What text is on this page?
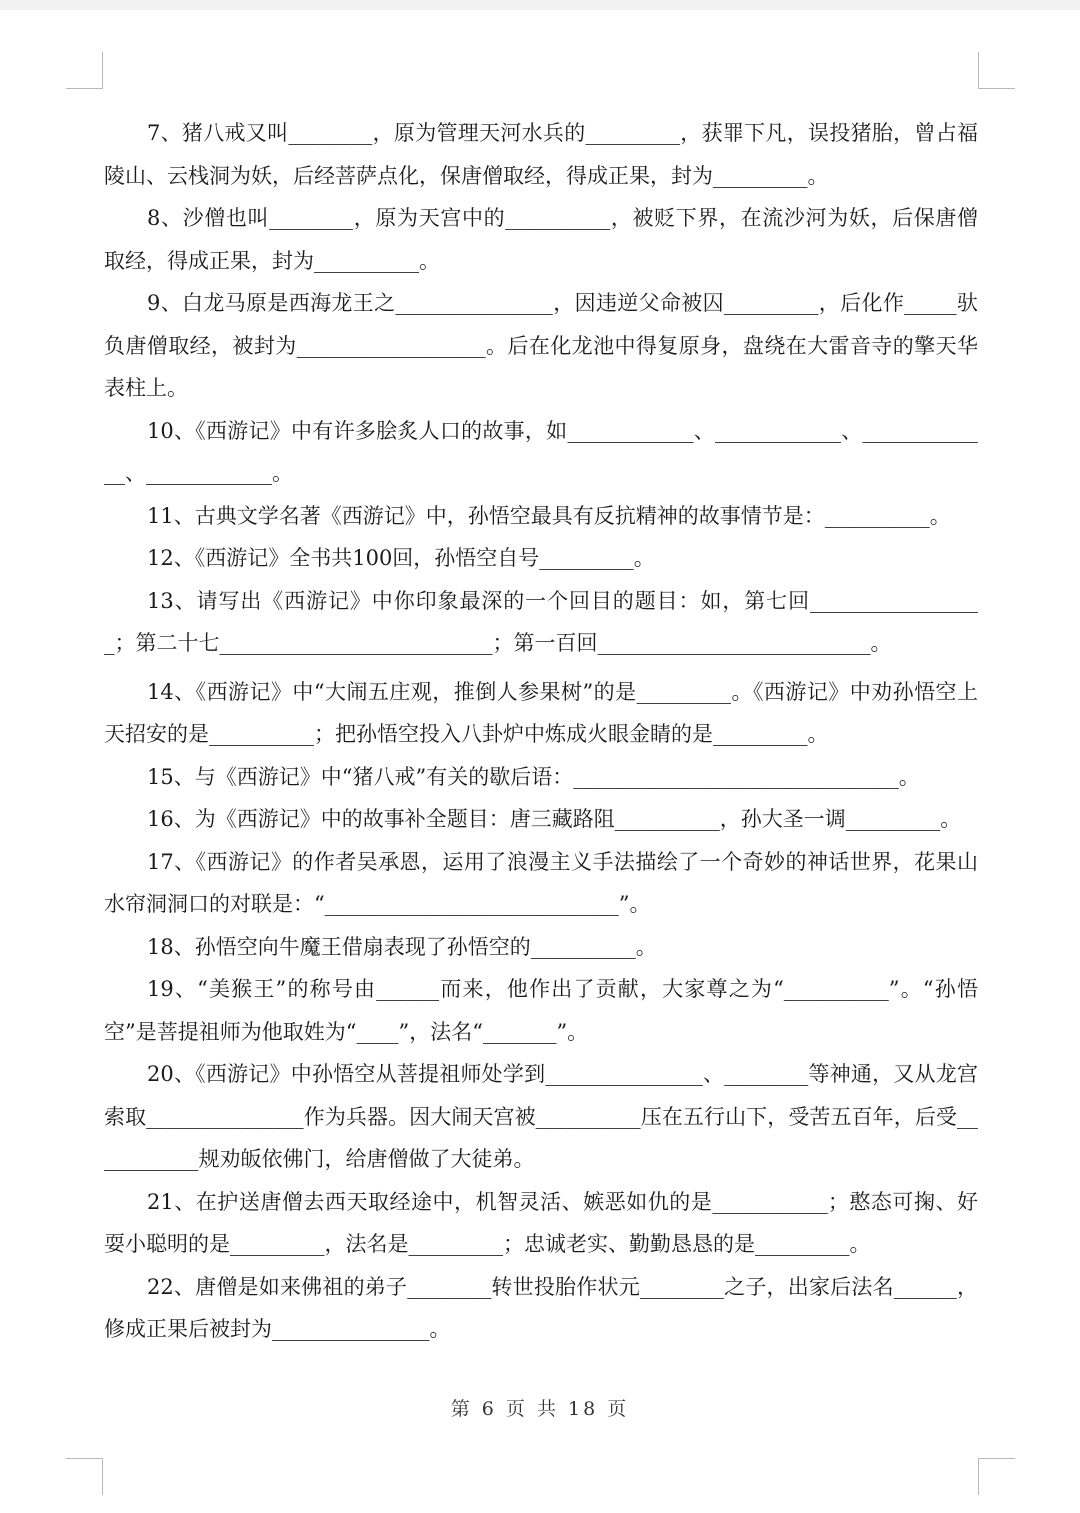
7、猪八戒又叫________，原为管理天河水兵的_________，获罪下凡，误投猪胎，曾占福陵山、云栈洞为妖，后经菩萨点化，保唐僧取经，得成正果，封为_________。

8、沙僧也叫________，原为天宫中的__________，被贬下界，在流沙河为妖，后保唐僧取经，得成正果，封为__________。

9、白龙马原是西海龙王之_______________，因违逆父命被囚_________，后化作_____驮负唐僧取经，被封为__________________。后在化龙池中得复原身，盘绕在大雷音寺的擎天华表柱上。

10、《西游记》中有许多脍炙人口的故事，如____________、____________、_____________、____________。

11、古典文学名著《西游记》中，孙悟空最具有反抗精神的故事情节是：__________。

12、《西游记》全书共100回，孙悟空自号_________。

13、请写出《西游记》中你印象最深的一个回目的题目：如，第七回_________________；第二十七__________________________；第一百回__________________________。

14、《西游记》中“大闹五庄观，推倒人参果树”的是_________。《西游记》中劝孙悟空上天招安的是__________；把孙悟空投入八卦炉中炼成火眼金睛的是_________。

15、与《西游记》中“猪八戒”有关的歇后语：_______________________________。

16、为《西游记》中的故事补全题目：唐三藏路阻__________，孙大圣一调_________。

17、《西游记》的作者吴承恩，运用了浪漫主义手法描绘了一个奇妙的神话世界，花果山水帘洞洞口的对联是：“____________________________”。

18、孙悟空向牛魔王借扇表现了孙悟空的__________。

19、“美猴王”的称号由______而来，他作出了贡献，大家尊之为“__________”。“孙悟空”是菩提祖师为他取姓为“____”，法名“_______”。

20、《西游记》中孙悟空从菩提祖师处学到_______________、________等神通，又从龙宫索取_______________作为兵器。因大闹天宫被__________压在五行山下，受苦五百年，后受___________规劝皈依佛门，给唐僧做了大徒弟。

21、在护送唐僧去西天取经途中，机智灵活、嫉恶如仇的是___________；憨态可掬、好耍小聪明的是_________，法名是_________；忠诚老实、勤勤恳恳的是_________。

22、唐僧是如来佛祖的弟子________转世投胎作状元________之子，出家后法名______，修成正果后被封为_______________。

第 6 页 共 18 页
